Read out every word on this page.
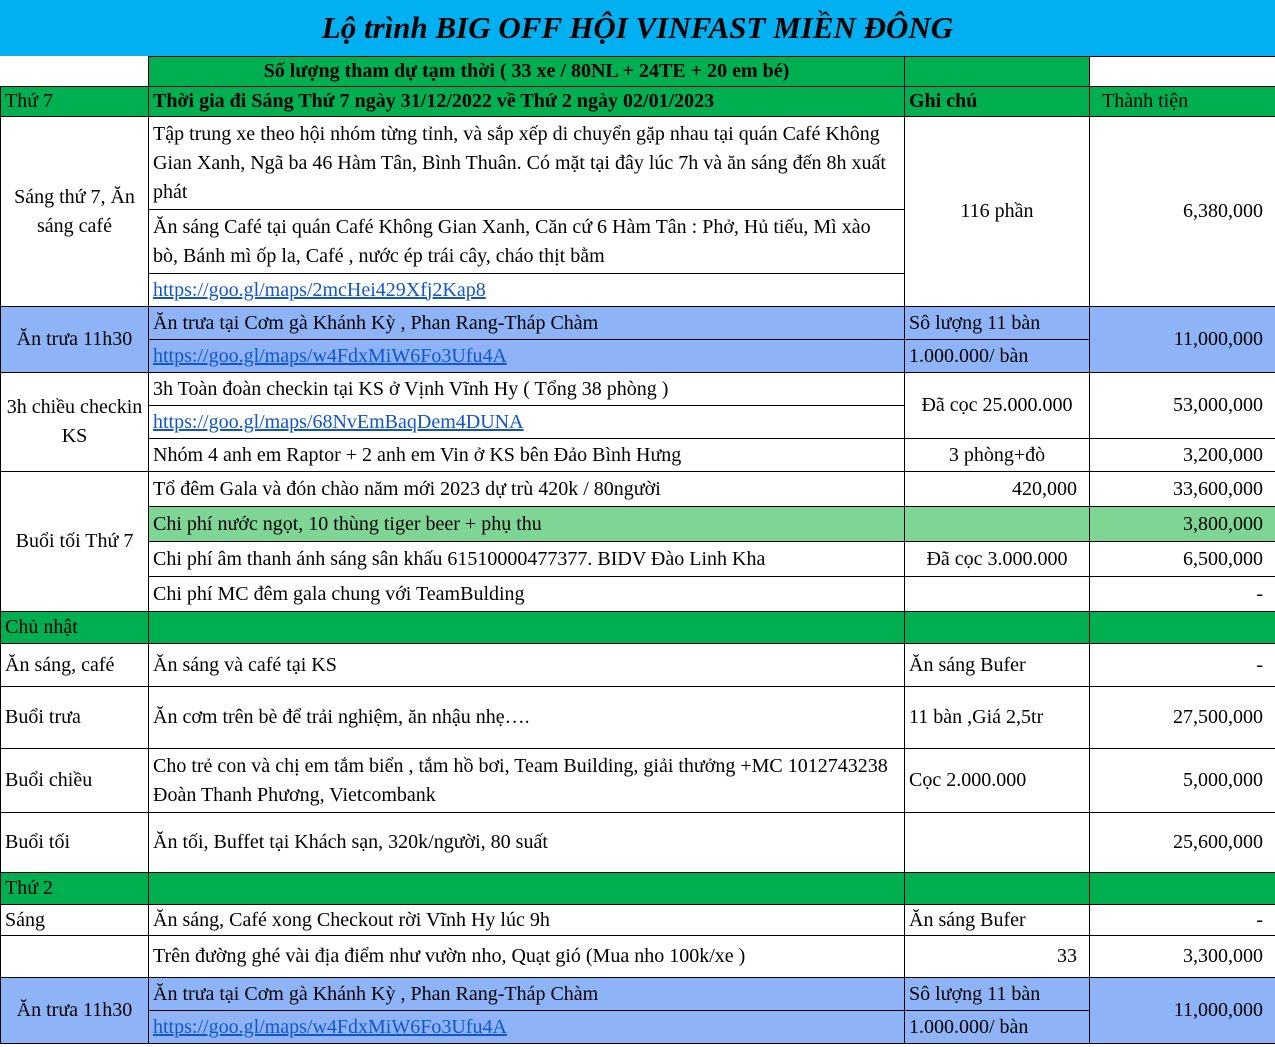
Lộ trình BIG OFF HỘI VINFAST MIỀN ĐÔNG
	Số lượng tham dự tạm thời ( 33 xe / 80NL + 24TE + 20 em bé)		
Thứ 7	Thời gia đi Sáng Thứ 7 ngày 31/12/2022 về Thứ 2 ngày 02/01/2023	Ghi chú	Thành tiện
Sáng thứ 7, Ăn sáng café	Tập trung xe theo hội nhóm từng tỉnh, và sắp xếp di chuyển gặp nhau tại quán Café Không Gian Xanh, Ngã ba 46 Hàm Tân, Bình Thuân. Có mặt tại đây lúc 7h và ăn sáng đến 8h xuất phát	116 phần	6,380,000
	Ăn sáng Café tại quán Café Không Gian Xanh, Căn cứ 6 Hàm Tân : Phở, Hủ tiếu, Mì xào bò, Bánh mì ốp la, Café , nước ép trái cây, cháo thịt bằm		
	https://goo.gl/maps/2mcHei429Xfj2Kap8		
Ăn trưa 11h30	Ăn trưa tại Cơm gà Khánh Kỳ , Phan Rang-Tháp Chàm	Sô lượng 11 bàn	11,000,000
	https://goo.gl/maps/w4FdxMiW6Fo3Ufu4A	1.000.000/ bàn	
3h chiều checkin KS	3h Toàn đoàn checkin tại KS ở Vịnh Vĩnh Hy ( Tổng 38 phòng )	Đã cọc 25.000.000	53,000,000
	https://goo.gl/maps/68NvEmBaqDem4DUNA		
	Nhóm 4 anh em Raptor + 2 anh em Vin ở KS bên Đảo Bình Hưng	3 phòng+đò	3,200,000
Buổi tối Thứ 7	Tổ đêm Gala và đón chào năm mới 2023 dự trù 420k / 80người	420,000	33,600,000
	Chi phí nước ngọt, 10 thùng tiger beer + phụ thu		3,800,000
	Chi phí âm thanh ánh sáng sân khấu 61510000477377. BIDV Đào Linh Kha	Đã cọc 3.000.000	6,500,000
	Chi phí MC đêm gala chung với TeamBulding		-
Chủ nhật			
Ăn sáng, café	Ăn sáng và café tại KS	Ăn sáng Bufer	-
Buổi trưa	Ăn cơm trên bè để trải nghiệm, ăn nhậu nhẹ….	11 bàn ,Giá 2,5tr	27,500,000
Buổi chiều	Cho trẻ con và chị em tắm biển , tắm hồ bơi, Team Building, giải thưởng +MC 1012743238 Đoàn Thanh Phương, Vietcombank	Cọc 2.000.000	5,000,000
Buổi tối	Ăn tối, Buffet tại Khách sạn, 320k/người, 80 suất		25,600,000
Thứ 2			
Sáng	Ăn sáng, Café xong Checkout rời Vĩnh Hy lúc 9h	Ăn sáng Bufer	-
	Trên đường ghé vài địa điểm như vườn nho, Quạt gió (Mua nho 100k/xe )	33	3,300,000
Ăn trưa 11h30	Ăn trưa tại Cơm gà Khánh Kỳ , Phan Rang-Tháp Chàm	Sô lượng 11 bàn	11,000,000
	https://goo.gl/maps/w4FdxMiW6Fo3Ufu4A	1.000.000/ bàn	
